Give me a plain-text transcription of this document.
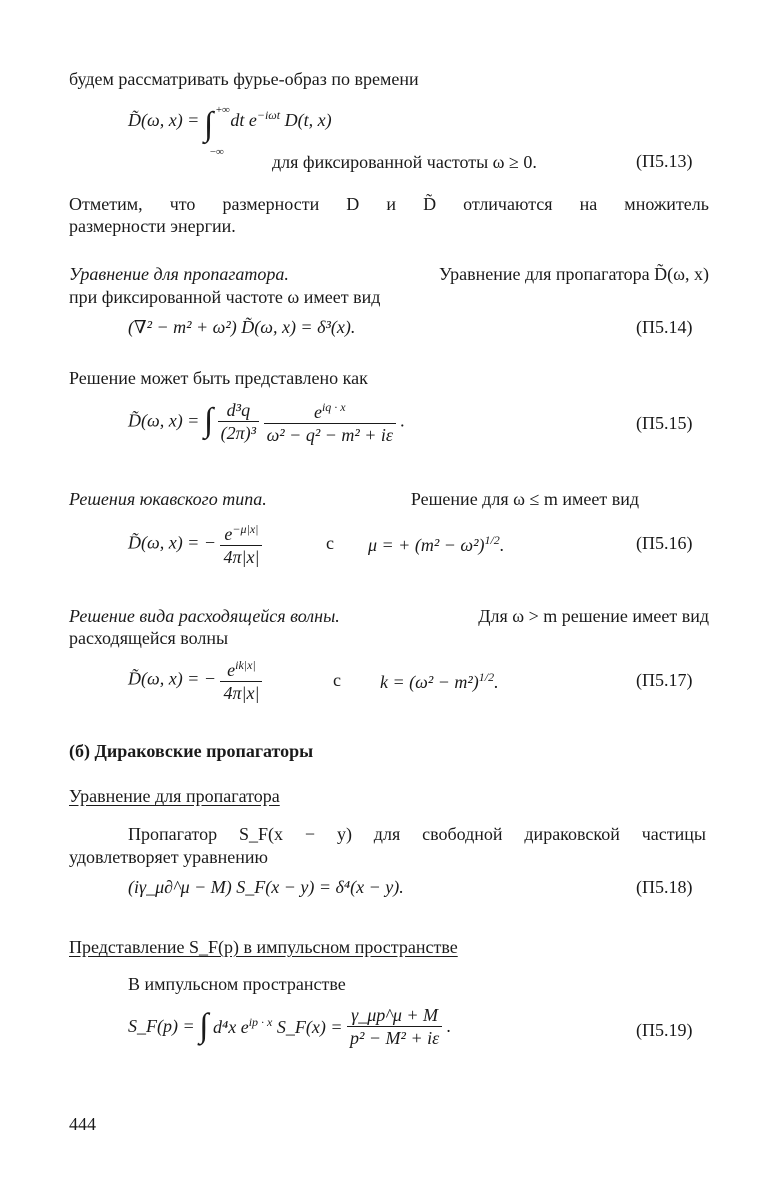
будем рассматривать фурье-образ по времени
D̃(ω, x) = ∫ +∞
−∞
dt $e^{-i\omega t}$ D(t, x)
для фиксированной частоты ω ≥ 0.	(П5.13)
Отметим, что размерности D и D̃ отличаются на множитель
размерности энергии.
Уравнение для пропагатора.	Уравнение для пропагатора D̃(ω, x)
при фиксированной частоте ω имеет вид
(∇² − m² + ω²) D̃(ω, x) = δ³(x).	(П5.14)
Решение может быть представлено как
D̃(ω, x) = ∫ $\frac{\text{d³q}}{\text{(2π)³}}$
$\frac{e^{iq \cdot x}}{\text{ω² − q² − m² + iε}}$ .	(П5.15)
Решения юкавского типа.	Решение для ω ≤ m имеет вид
D̃(ω, x) = − $\frac{e^{-\mu|x|}}{4\pi|x|}$	с μ = + $(m^2 - \omega^2)^{1/2}$.	(П5.16)
Решение вида расходящейся волны.	Для ω > m решение имеет вид
расходящейся волны
D̃(ω, x) = − $\frac{e^{ik|x|}}{4\pi|x|}$	с $k = (\omega^2 - m^2)^{1/2}$.	(П5.17)
(б) Дираковские пропагаторы
Уравнение для пропагатора
Пропагатор S_F(x − y) для свободной дираковской частицы
удовлетворяет уравнению
(iγ_μ∂^μ − M) S_F(x − y) = δ⁴(x − y).	(П5.18)
Представление S_F(p) в импульсном пространстве
В импульсном пространстве
S_F(p) = ∫ d⁴x $e^{ip \cdot x}$ S_F(x) = $\frac{\gamma\_\mu p\^{}\mu + M}{\text{p² − M² + iε}}$ .	(П5.19)
444
